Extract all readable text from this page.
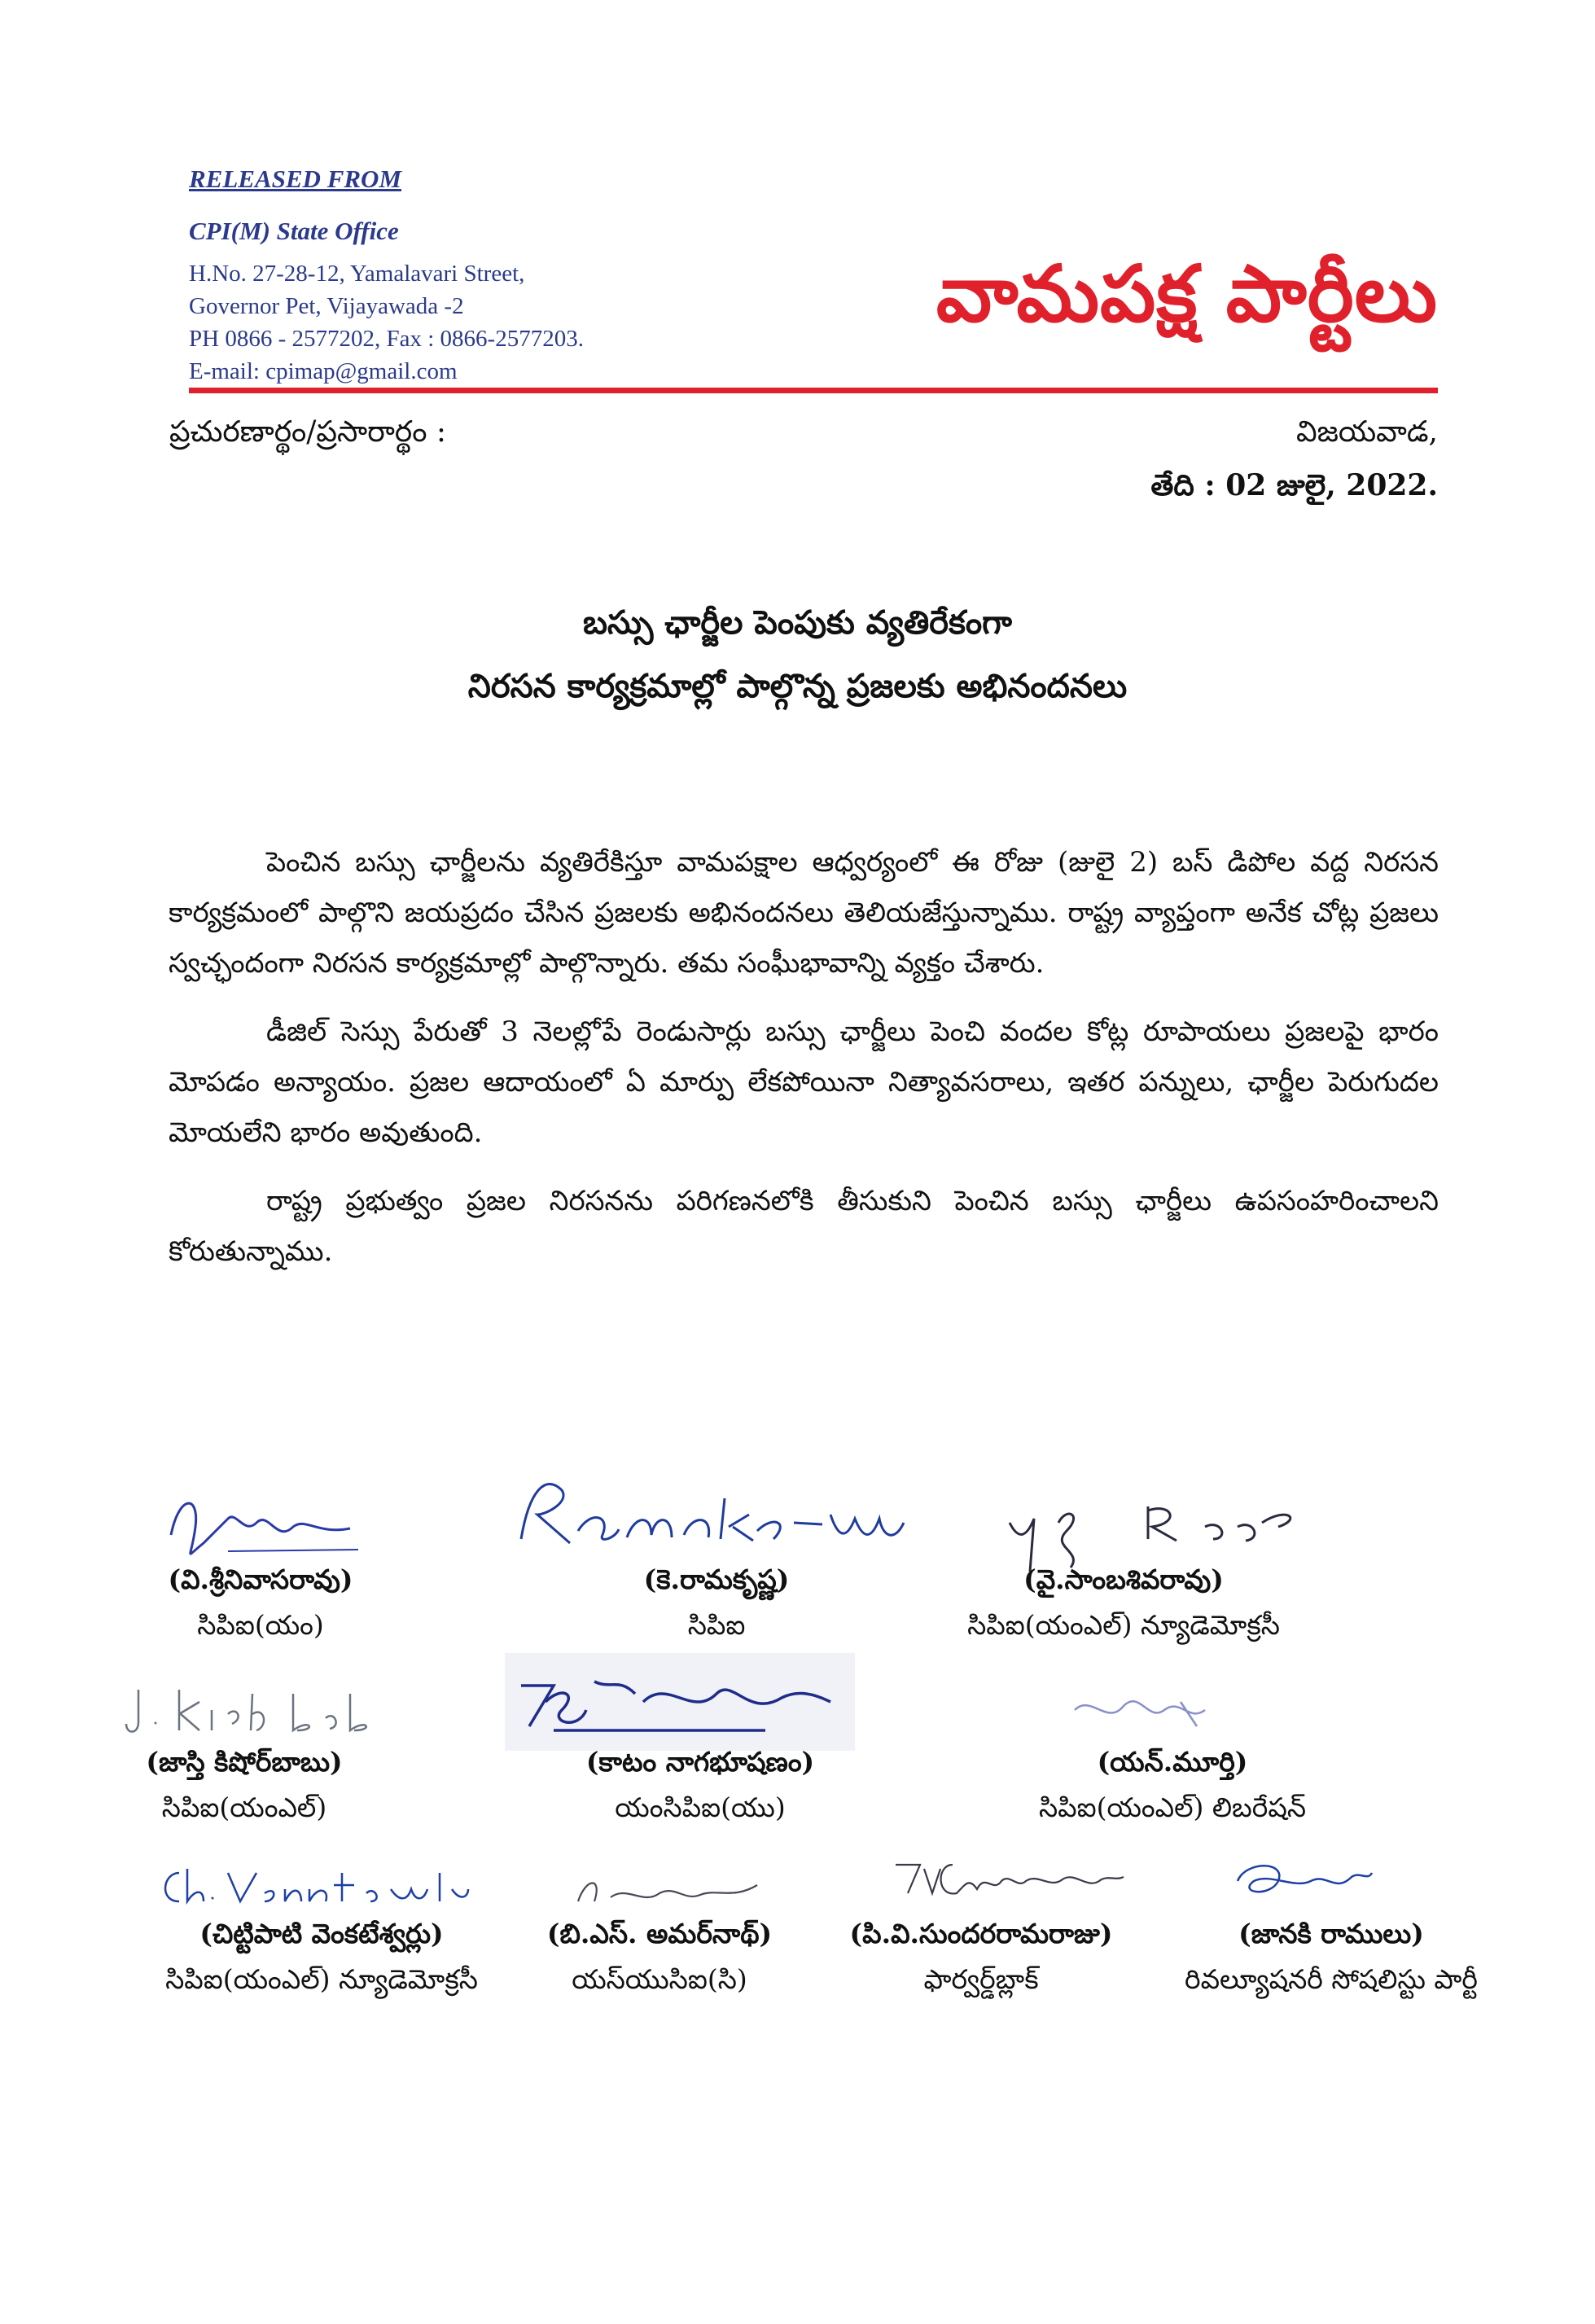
RELEASED FROM
CPI(M) State Office
H.No. 27-28-12, Yamalavari Street,
Governor Pet, Vijayawada -2
PH 0866 - 2577202, Fax : 0866-2577203.
E-mail: cpimap@gmail.com
వామపక్ష పార్టీలు
ప్రచురణార్థం/ప్రసారార్థం :	విజయవాడ,
తేది : 02 జులై, 2022.
బస్సు ఛార్జీల పెంపుకు వ్యతిరేకంగా
నిరసన కార్యక్రమాల్లో పాల్గొన్న ప్రజలకు అభినందనలు

పెంచిన బస్సు ఛార్జీలను వ్యతిరేకిస్తూ వామపక్షాల ఆధ్వర్యంలో ఈ రోజు (జులై 2) బస్ డిపోల వద్ద నిరసన కార్యక్రమంలో పాల్గొని జయప్రదం చేసిన ప్రజలకు అభినందనలు తెలియజేస్తున్నాము. రాష్ట్ర వ్యాప్తంగా అనేక చోట్ల ప్రజలు స్వచ్ఛందంగా నిరసన కార్యక్రమాల్లో పాల్గొన్నారు. తమ సంఘీభావాన్ని వ్యక్తం చేశారు.

డీజిల్ సెస్సు పేరుతో 3 నెలల్లోపే రెండుసార్లు బస్సు ఛార్జీలు పెంచి వందల కోట్ల రూపాయలు ప్రజలపై భారం మోపడం అన్యాయం. ప్రజల ఆదాయంలో ఏ మార్పు లేకపోయినా నిత్యావసరాలు, ఇతర పన్నులు, ఛార్జీల పెరుగుదల మోయలేని భారం అవుతుంది.

రాష్ట్ర ప్రభుత్వం ప్రజల నిరసనను పరిగణనలోకి తీసుకుని పెంచిన బస్సు ఛార్జీలు ఉపసంహరించాలని కోరుతున్నాము.

(వి.శ్రీనివాసరావు)
సిపిఐ(యం)
(కె.రామకృష్ణ)
సిపిఐ
(వై.సాంబశివరావు)
సిపిఐ(యంఎల్) న్యూడెమోక్రసీ
(జాస్తి కిషోర్‌బాబు)
సిపిఐ(యంఎల్)
(కాటం నాగభూషణం)
యంసిపిఐ(యు)
(యన్.మూర్తి)
సిపిఐ(యంఎల్) లిబరేషన్
(చిట్టిపాటి వెంకటేశ్వర్లు)
సిపిఐ(యంఎల్) న్యూడెమోక్రసీ
(బి.ఎస్. అమర్‌నాథ్)
యస్‌యుసిఐ(సి)
(పి.వి.సుందరరామరాజు)
ఫార్వర్డ్‌బ్లాక్
(జానకి రాములు)
రివల్యూషనరీ సోషలిస్టు పార్టీ
